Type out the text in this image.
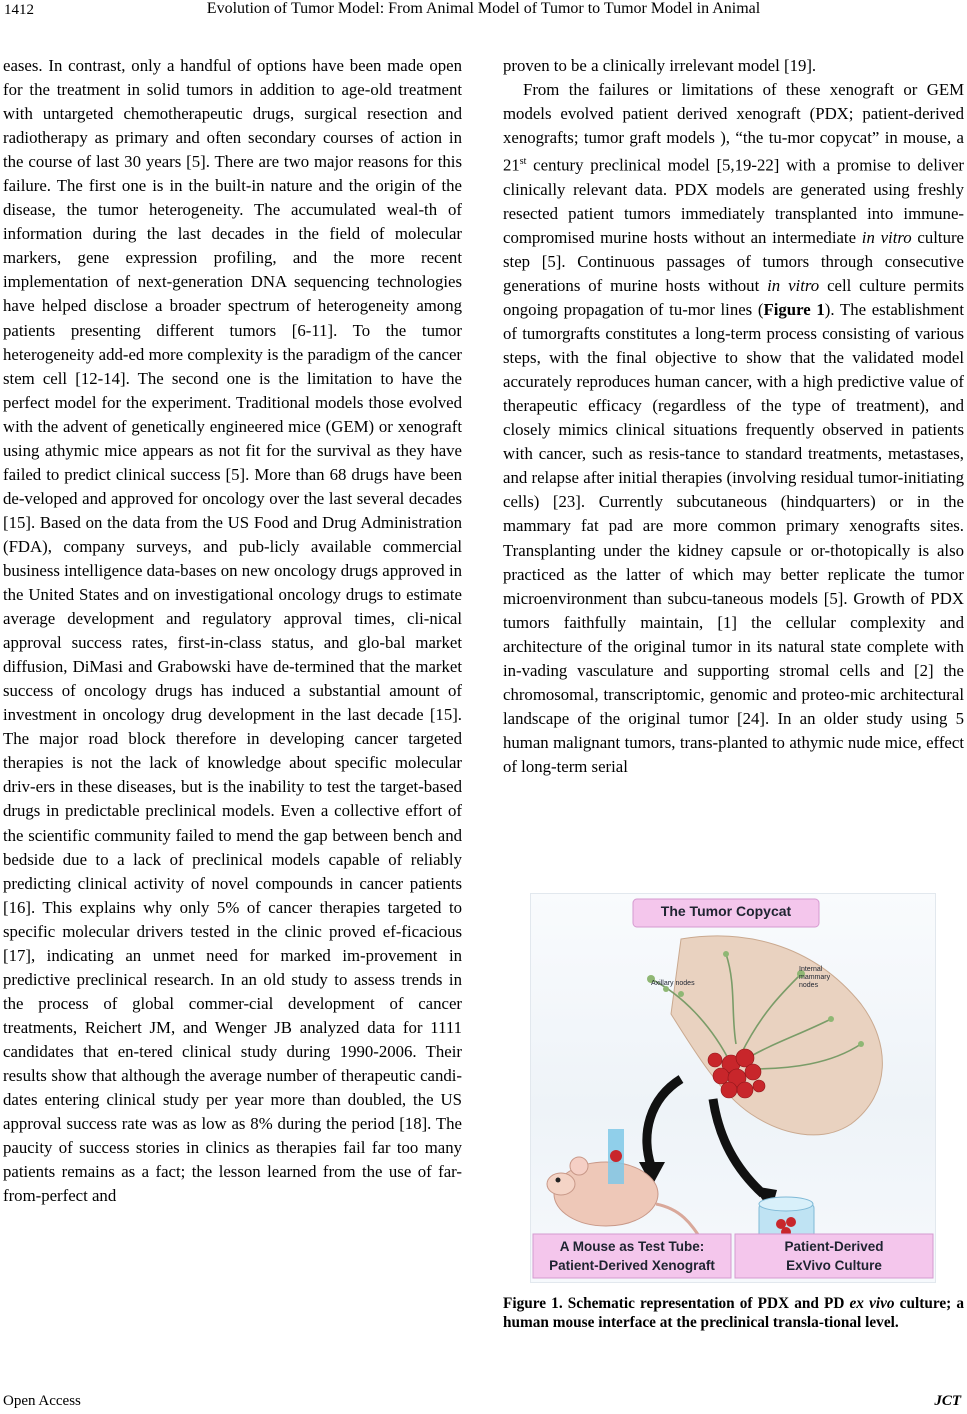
1412	Evolution of Tumor Model: From Animal Model of Tumor to Tumor Model in Animal

eases. In contrast, only a handful of options have been made open for the treatment in solid tumors in addition to age-old treatment with untargeted chemotherapeutic drugs, surgical resection and radiotherapy as primary and often secondary courses of action in the course of last 30 years [5]. There are two major reasons for this failure. The first one is in the built-in nature and the origin of the disease, the tumor heterogeneity. The accumulated weal-th of information during the last decades in the field of molecular markers, gene expression profiling, and the more recent implementation of next-generation DNA sequencing technologies have helped disclose a broader spectrum of heterogeneity among patients presenting different tumors [6-11]. To the tumor heterogeneity add-ed more complexity is the paradigm of the cancer stem cell [12-14]. The second one is the limitation to have the perfect model for the experiment. Traditional models those evolved with the advent of genetically engineered mice (GEM) or xenograft using athymic mice appears as not fit for the survival as they have failed to predict clinical success [5]. More than 68 drugs have been de-veloped and approved for oncology over the last several decades [15]. Based on the data from the US Food and Drug Administration (FDA), company surveys, and pub-licly available commercial business intelligence data-bases on new oncology drugs approved in the United States and on investigational oncology drugs to estimate average development and regulatory approval times, cli-nical approval success rates, first-in-class status, and glo-bal market diffusion, DiMasi and Grabowski have de-termined that the market success of oncology drugs has induced a substantial amount of investment in oncology drug development in the last decade [15]. The major road block therefore in developing cancer targeted therapies is not the lack of knowledge about specific molecular driv-ers in these diseases, but is the inability to test the target-based drugs in predictable preclinical models. Even a collective effort of the scientific community failed to mend the gap between bench and bedside due to a lack of preclinical models capable of reliably predicting clinical activity of novel compounds in cancer patients [16]. This explains why only 5% of cancer therapies targeted to specific molecular drivers tested in the clinic proved ef-ficacious [17], indicating an unmet need for marked im-provement in predictive preclinical research. In an old study to assess trends in the process of global commer-cial development of cancer treatments, Reichert JM, and Wenger JB analyzed data for 1111 candidates that en-tered clinical study during 1990-2006. Their results show that although the average number of therapeutic candi-dates entering clinical study per year more than doubled, the US approval success rate was as low as 8% during the period [18]. The paucity of success stories in clinics as therapies fail far too many patients remains as a fact; the lesson learned from the use of far-from-perfect and

proven to be a clinically irrelevant model [19].

From the failures or limitations of these xenograft or GEM models evolved patient derived xenograft (PDX; patient-derived xenografts; tumor graft models ), “the tu-mor copycat” in mouse, a 21st century preclinical model [5,19-22] with a promise to deliver clinically relevant data. PDX models are generated using freshly resected patient tumors immediately transplanted into immune-compromised murine hosts without an intermediate in vitro culture step [5]. Continuous passages of tumors through consecutive generations of murine hosts without in vitro cell culture permits ongoing propagation of tu-mor lines (Figure 1). The establishment of tumorgrafts constitutes a long-term process consisting of various steps, with the final objective to show that the validated model accurately reproduces human cancer, with a high predictive value of therapeutic efficacy (regardless of the type of treatment), and closely mimics clinical situations frequently observed in patients with cancer, such as resis-tance to standard treatments, metastases, and relapse after initial therapies (involving residual tumor-initiating cells) [23]. Currently subcutaneous (hindquarters) or in the mammary fat pad are more common primary xenografts sites. Transplanting under the kidney capsule or or-thotopically is also practiced as the latter of which may better replicate the tumor microenvironment than subcu-taneous models [5]. Growth of PDX tumors faithfully maintain, [1] the cellular complexity and architecture of the original tumor in its natural state complete with in-vading vasculature and supporting stromal cells and [2] the chromosomal, transcriptomic, genomic and proteo-mic architectural landscape of the original tumor [24]. In an older study using 5 human malignant tumors, trans-planted to athymic nude mice, effect of long-term serial

The Tumor Copycat
Axillary nodes
Internal
mammary
nodes
A Mouse as Test Tube:
Patient-Derived Xenograft
Patient-Derived
ExVivo Culture
Figure 1. Schematic representation of PDX and PD ex vivo culture; a human mouse interface at the preclinical transla-tional level.
Open Access	JCT
